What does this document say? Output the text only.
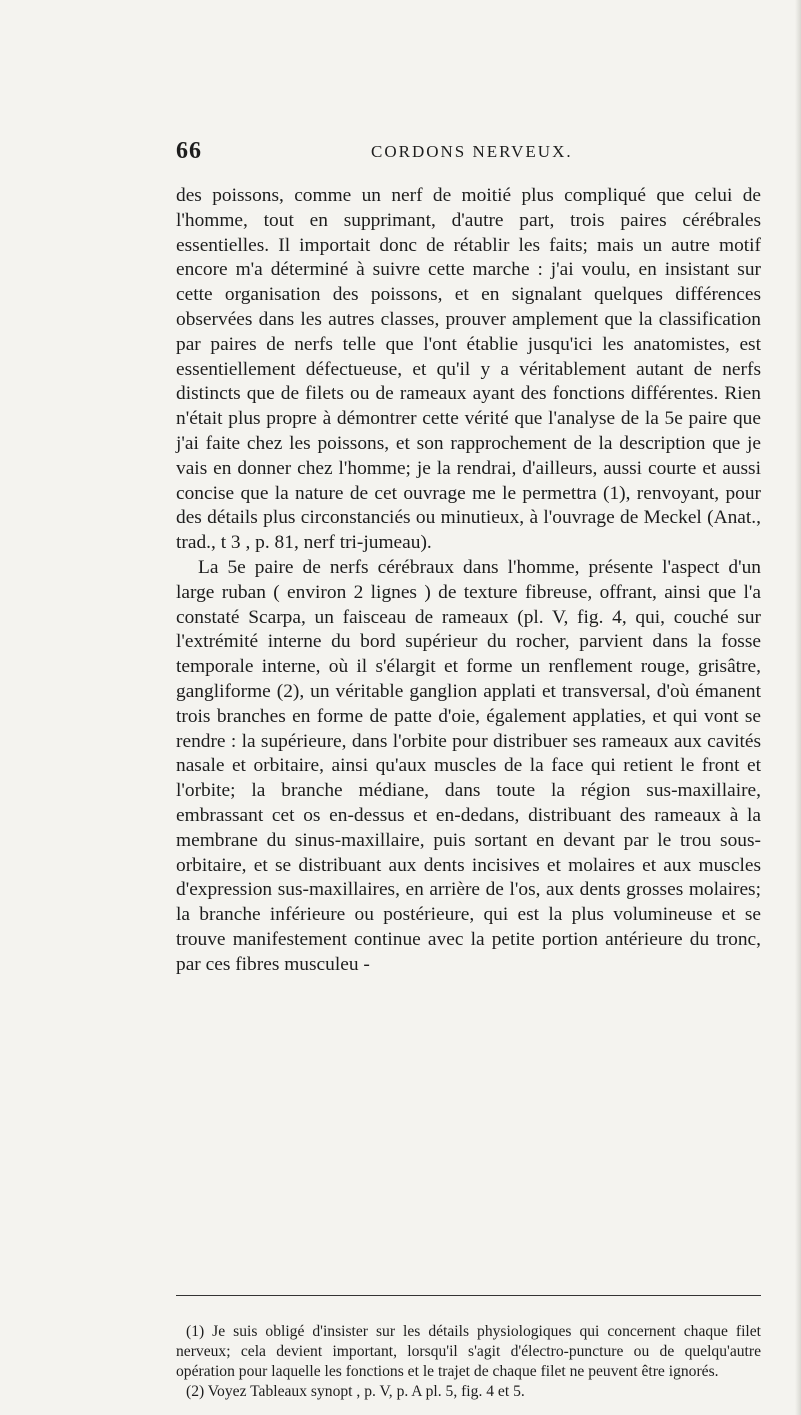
66	CORDONS NERVEUX.

des poissons, comme un nerf de moitié plus compliqué que celui de l'homme, tout en supprimant, d'autre part, trois paires cérébrales essentielles. Il importait donc de rétablir les faits; mais un autre motif encore m'a déterminé à suivre cette marche : j'ai voulu, en insistant sur cette organisation des poissons, et en signalant quelques différences observées dans les autres classes, prouver amplement que la classification par paires de nerfs telle que l'ont établie jusqu'ici les anatomistes, est essentiellement défectueuse, et qu'il y a véritablement autant de nerfs distincts que de filets ou de rameaux ayant des fonctions différentes. Rien n'était plus propre à démontrer cette vérité que l'analyse de la 5e paire que j'ai faite chez les poissons, et son rapprochement de la description que je vais en donner chez l'homme; je la rendrai, d'ailleurs, aussi courte et aussi concise que la nature de cet ouvrage me le permettra (1), renvoyant, pour des détails plus circonstanciés ou minutieux, à l'ouvrage de Meckel (Anat., trad., t 3 , p. 81, nerf tri-jumeau).

La 5e paire de nerfs cérébraux dans l'homme, présente l'aspect d'un large ruban ( environ 2 lignes ) de texture fibreuse, offrant, ainsi que l'a constaté Scarpa, un faisceau de rameaux (pl. V, fig. 4, qui, couché sur l'extrémité interne du bord supérieur du rocher, parvient dans la fosse temporale interne, où il s'élargit et forme un renflement rouge, grisâtre, gangliforme (2), un véritable ganglion applati et transversal, d'où émanent trois branches en forme de patte d'oie, également applaties, et qui vont se rendre : la supérieure, dans l'orbite pour distribuer ses rameaux aux cavités nasale et orbitaire, ainsi qu'aux muscles de la face qui retient le front et l'orbite; la branche médiane, dans toute la région sus-maxillaire, embrassant cet os en-dessus et en-dedans, distribuant des rameaux à la membrane du sinus-maxillaire, puis sortant en devant par le trou sous-orbitaire, et se distribuant aux dents incisives et molaires et aux muscles d'expression sus-maxillaires, en arrière de l'os, aux dents grosses molaires; la branche inférieure ou postérieure, qui est la plus volumineuse et se trouve manifestement continue avec la petite portion antérieure du tronc, par ces fibres musculeu -

(1) Je suis obligé d'insister sur les détails physiologiques qui concernent chaque filet nerveux; cela devient important, lorsqu'il s'agit d'électro-puncture ou de quelqu'autre opération pour laquelle les fonctions et le trajet de chaque filet ne peuvent être ignorés.

(2) Voyez Tableaux synopt , p. V, p. A pl. 5, fig. 4 et 5.
